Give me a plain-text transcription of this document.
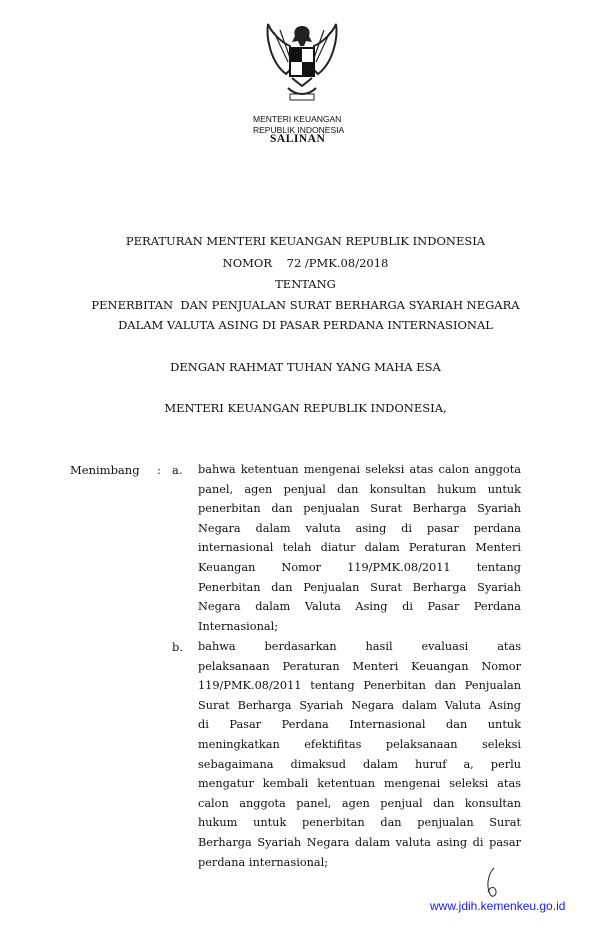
MENTERI KEUANGAN
REPUBLIK INDONESIA
SALINAN
PERATURAN MENTERI KEUANGAN REPUBLIK INDONESIA
NOMOR 72 /PMK.08/2018
TENTANG
PENERBITAN  DAN PENJUALAN SURAT BERHARGA SYARIAH NEGARA
DALAM VALUTA ASING DI PASAR PERDANA INTERNASIONAL
DENGAN RAHMAT TUHAN YANG MAHA ESA
MENTERI KEUANGAN REPUBLIK INDONESIA,
Menimbang : a. bahwa ketentuan mengenai seleksi atas calon anggota
panel, agen penjual dan konsultan hukum untuk
penerbitan dan penjualan Surat Berharga Syariah
Negara dalam valuta asing di pasar perdana
internasional telah diatur dalam Peraturan Menteri
Keuangan Nomor 119/PMK.08/2011 tentang
Penerbitan dan Penjualan Surat Berharga Syariah
Negara dalam Valuta Asing di Pasar Perdana
Internasional;
b. bahwa berdasarkan hasil evaluasi atas
pelaksanaan Peraturan Menteri Keuangan Nomor
119/PMK.08/2011 tentang Penerbitan dan Penjualan
Surat Berharga Syariah Negara dalam Valuta Asing
di Pasar Perdana Internasional dan untuk
meningkatkan efektifitas pelaksanaan seleksi
sebagaimana dimaksud dalam huruf a, perlu
mengatur kembali ketentuan mengenai seleksi atas
calon anggota panel, agen penjual dan konsultan
hukum untuk penerbitan dan penjualan Surat
Berharga Syariah Negara dalam valuta asing di pasar
perdana internasional;
www.jdih.kemenkeu.go.id
